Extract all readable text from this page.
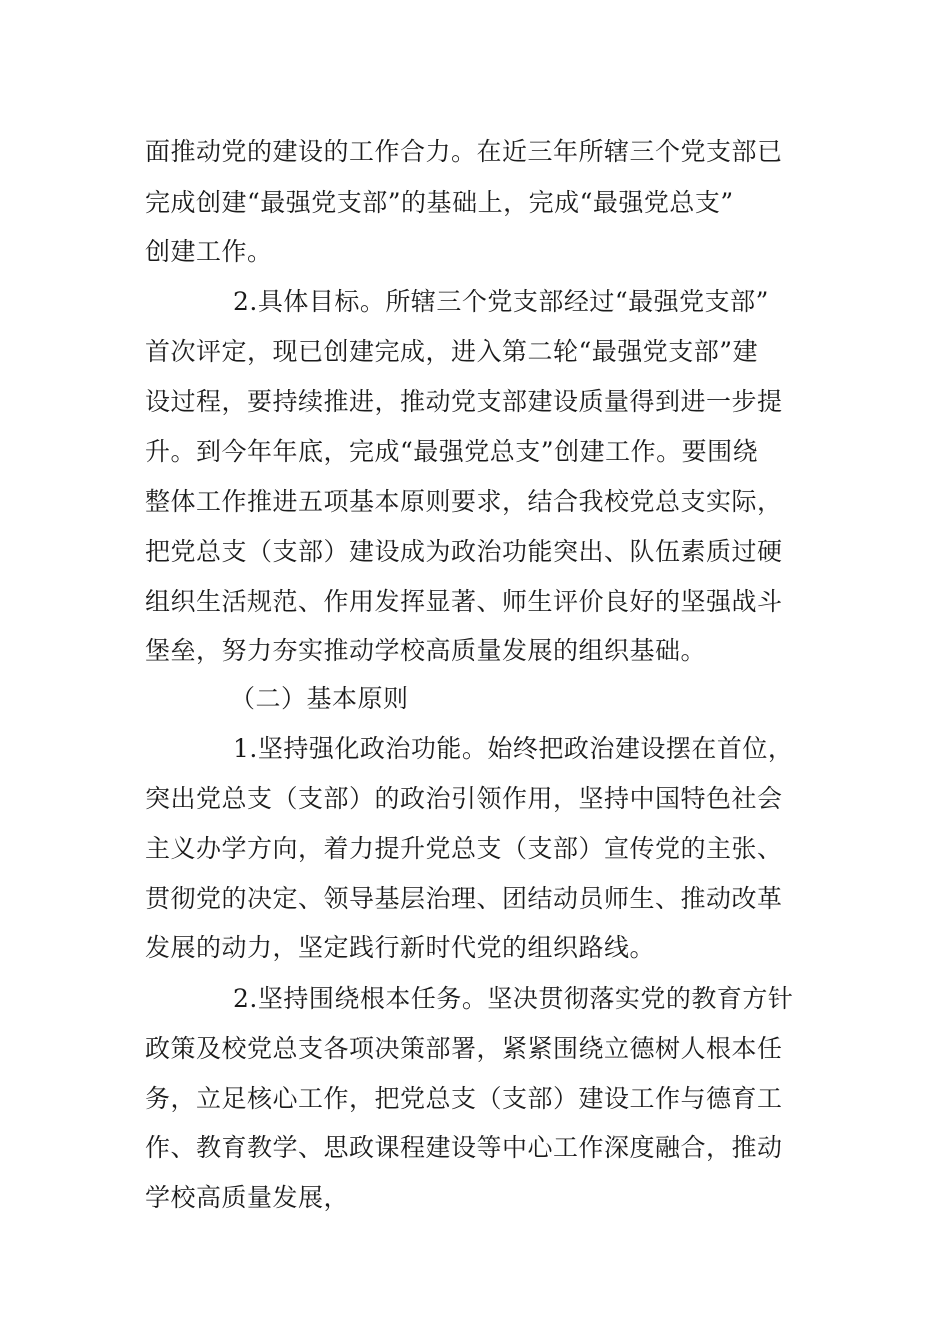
面推动党的建设的工作合力。在近三年所辖三个党支部已
完成创建“最强党支部”的基础上，完成“最强党总支”
创建工作。
2.具体目标。所辖三个党支部经过“最强党支部”
首次评定，现已创建完成，进入第二轮“最强党支部”建
设过程，要持续推进，推动党支部建设质量得到进一步提
升。到今年年底，完成“最强党总支”创建工作。要围绕
整体工作推进五项基本原则要求，结合我校党总支实际，
把党总支（支部）建设成为政治功能突出、队伍素质过硬
组织生活规范、作用发挥显著、师生评价良好的坚强战斗
堡垒，努力夯实推动学校高质量发展的组织基础。
（二）基本原则
1.坚持强化政治功能。始终把政治建设摆在首位，
突出党总支（支部）的政治引领作用，坚持中国特色社会
主义办学方向，着力提升党总支（支部）宣传党的主张、
贯彻党的决定、领导基层治理、团结动员师生、推动改革
发展的动力，坚定践行新时代党的组织路线。
2.坚持围绕根本任务。坚决贯彻落实党的教育方针
政策及校党总支各项决策部署，紧紧围绕立德树人根本任
务，立足核心工作，把党总支（支部）建设工作与德育工
作、教育教学、思政课程建设等中心工作深度融合，推动
学校高质量发展，
